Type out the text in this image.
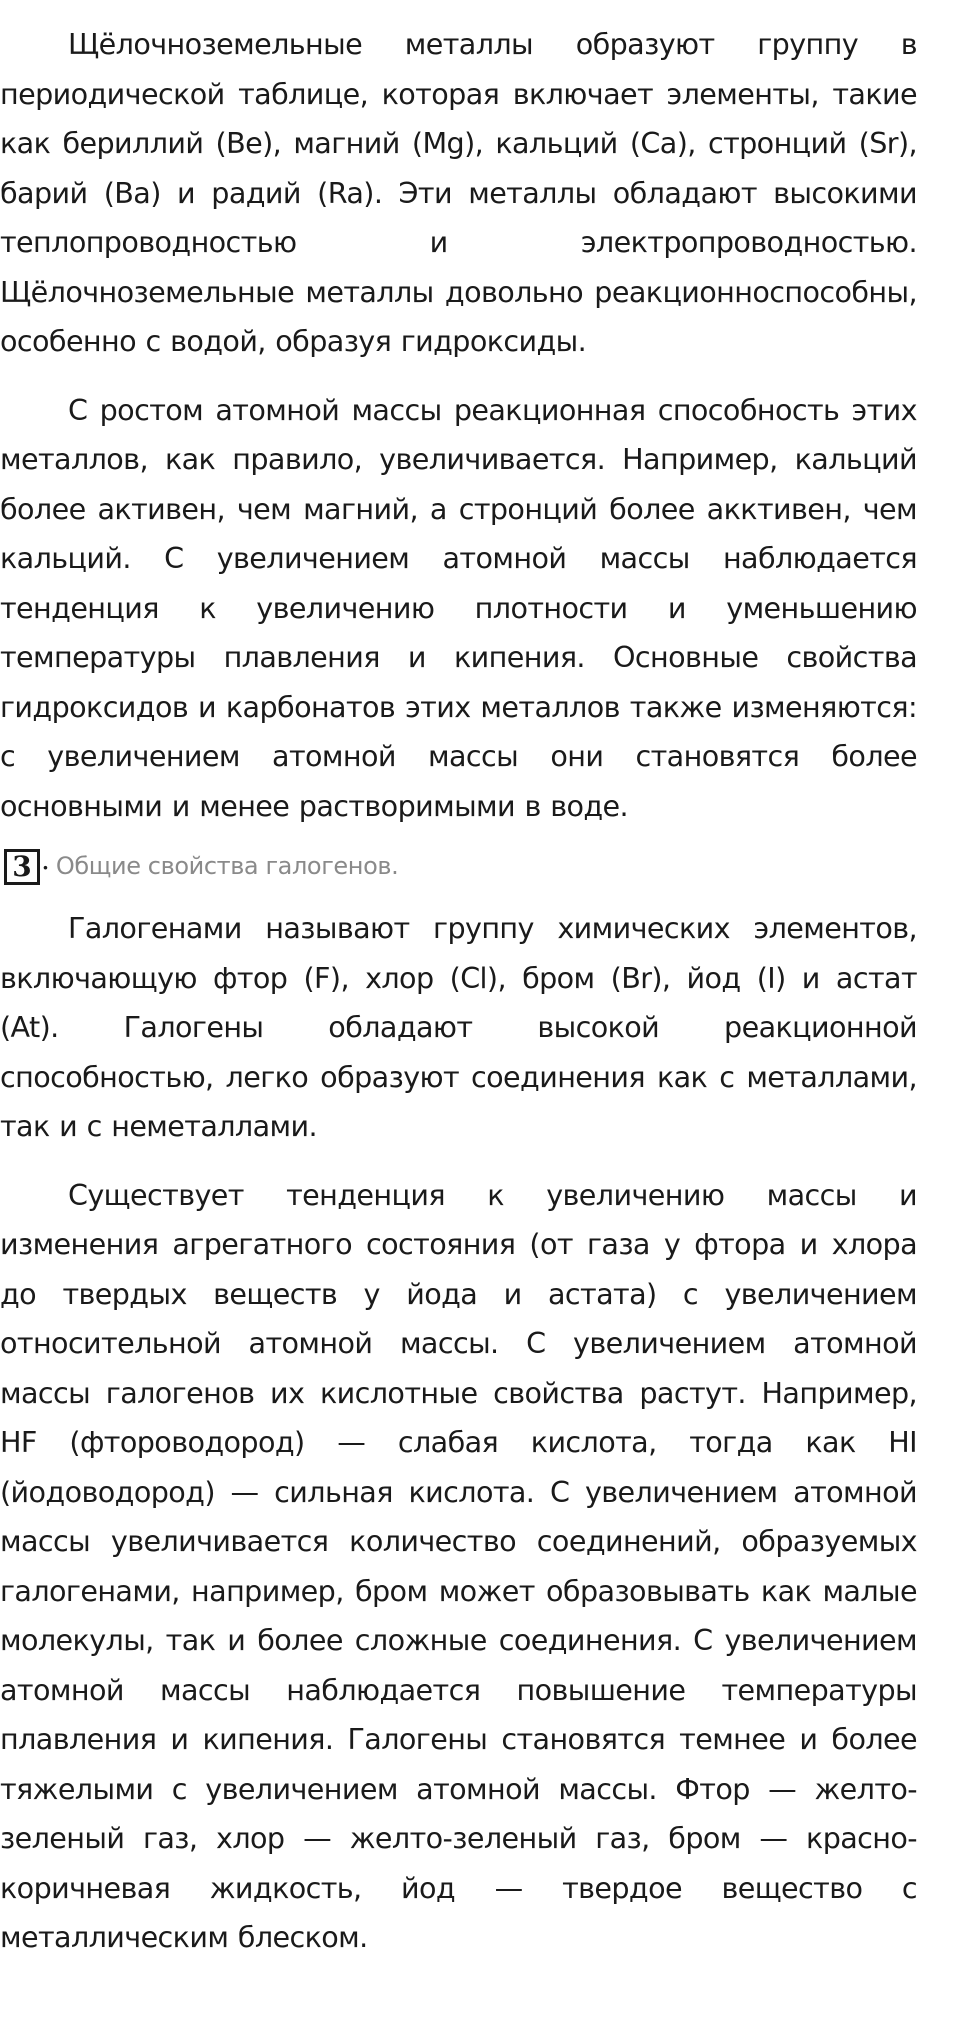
Щёлочноземельные металлы образуют группу в периодической таблице, которая включает элементы, такие как бериллий (Be), магний (Mg), кальций (Ca), стронций (Sr), барий (Ba) и радий (Ra). Эти металлы обладают высокими теплопроводностью и электропроводностью. Щёлочноземельные металлы довольно реакционноспособны, особенно с водой, образуя гидроксиды.

С ростом атомной массы реакционная способность этих металлов, как правило, увеличивается. Например, кальций более активен, чем магний, а стронций более акктивен, чем кальций. С увеличением атомной массы наблюдается тенденция к увеличению плотности и уменьшению температуры плавления и кипения. Основные свойства гидроксидов и карбонатов этих металлов также изменяются: с увеличением атомной массы они становятся более основными и менее растворимыми в воде.

3 . Общие свойства галогенов.

Галогенами называют группу химических элементов, включающую фтор (F), хлор (Cl), бром (Br), йод (I) и астат (At). Галогены обладают высокой реакционной способностью, легко образуют соединения как с металлами, так и с неметаллами.

Существует тенденция к увеличению массы и изменения агрегатного состояния (от газа у фтора и хлора до твердых веществ у йода и астата) с увеличением относительной атомной массы. С увеличением атомной массы галогенов их кислотные свойства растут. Например, HF (фтороводород) — слабая кислота, тогда как HI (йодоводород) — сильная кислота. С увеличением атомной массы увеличивается количество соединений, образуемых галогенами, например, бром может образовывать как малые молекулы, так и более сложные соединения. С увеличением атомной массы наблюдается повышение температуры плавления и кипения. Галогены становятся темнее и более тяжелыми с увеличением атомной массы. Фтор — желто-зеленый газ, хлор — желто-зеленый газ, бром — красно-коричневая жидкость, йод — твердое вещество с металлическим блеском.
